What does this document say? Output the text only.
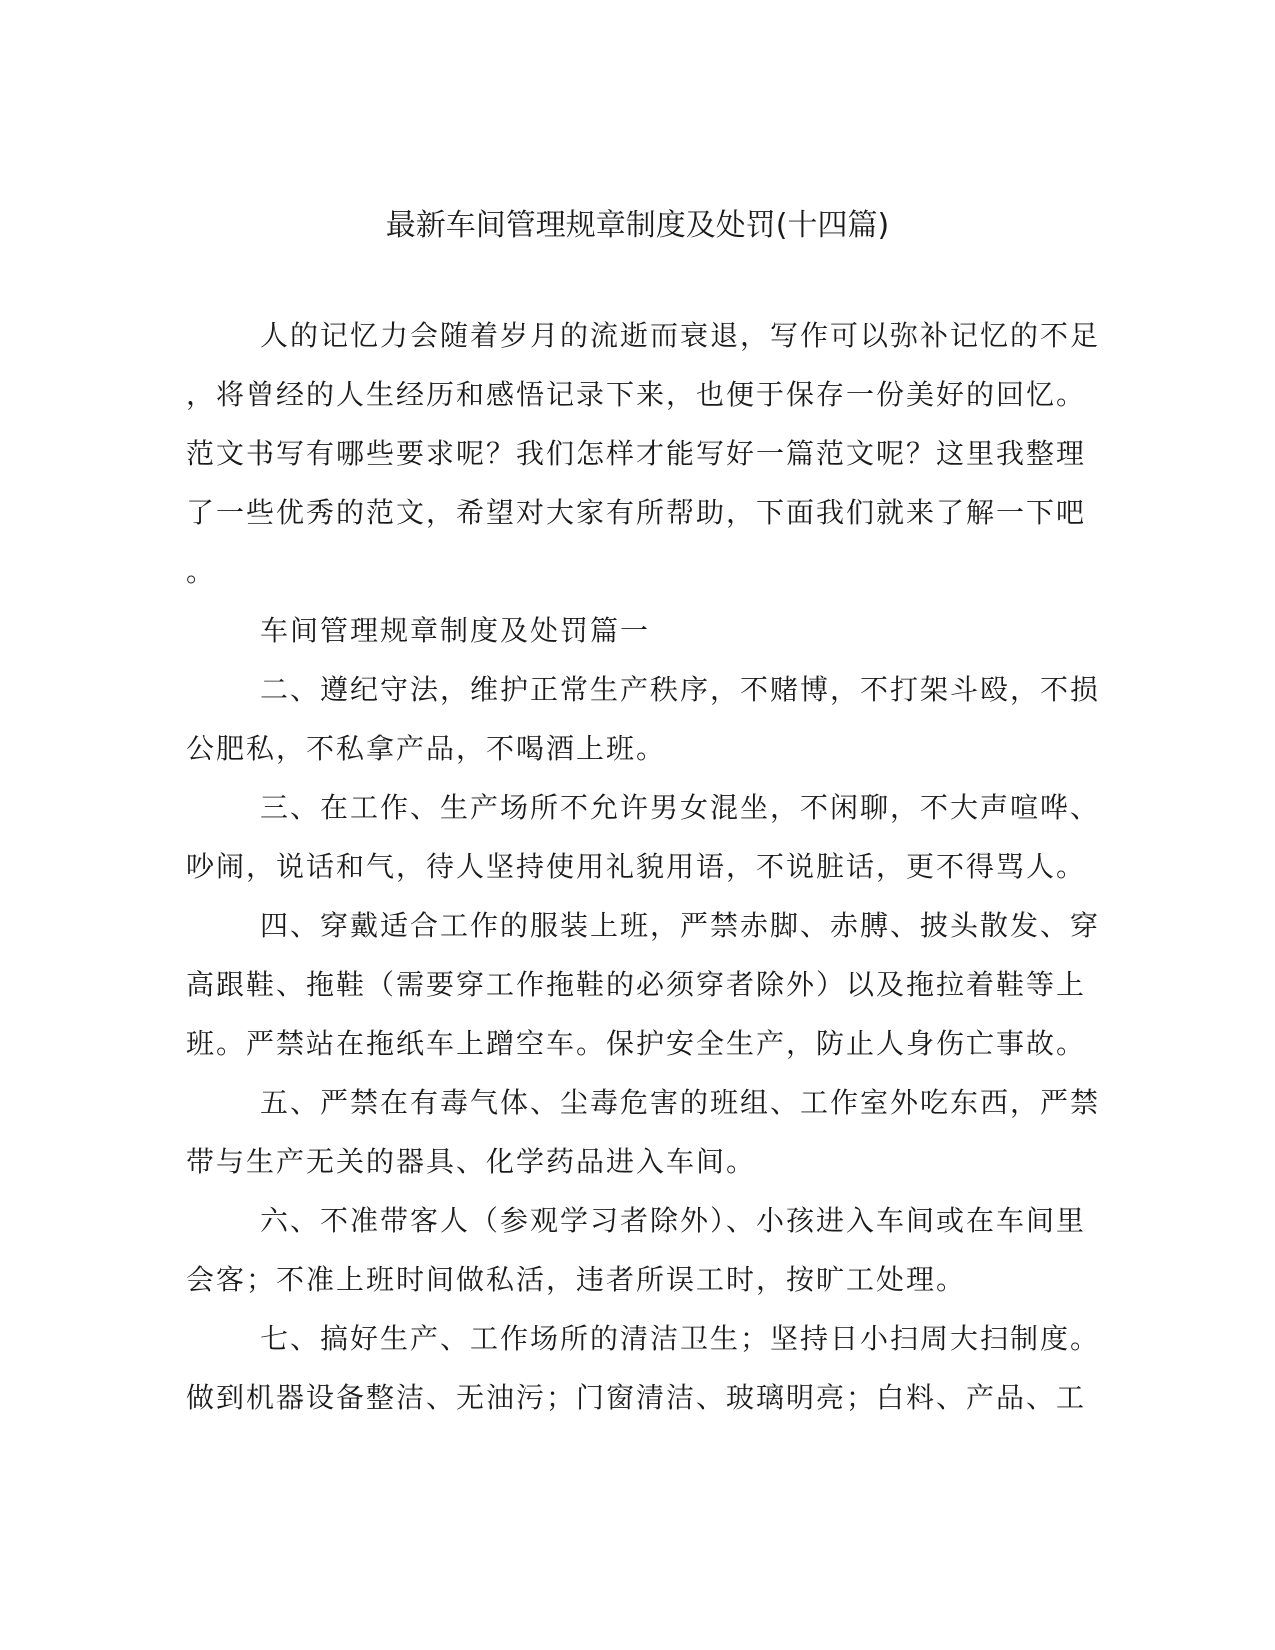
最新车间管理规章制度及处罚(十四篇)

人的记忆力会随着岁月的流逝而衰退，写作可以弥补记忆的不足

，将曾经的人生经历和感悟记录下来，也便于保存一份美好的回忆。

范文书写有哪些要求呢？我们怎样才能写好一篇范文呢？这里我整理

了一些优秀的范文，希望对大家有所帮助，下面我们就来了解一下吧

。

车间管理规章制度及处罚篇一

二、遵纪守法，维护正常生产秩序，不赌博，不打架斗殴，不损

公肥私，不私拿产品，不喝酒上班。

三、在工作、生产场所不允许男女混坐，不闲聊，不大声喧哗、

吵闹，说话和气，待人坚持使用礼貌用语，不说脏话，更不得骂人。

四、穿戴适合工作的服装上班，严禁赤脚、赤膊、披头散发、穿

高跟鞋、拖鞋（需要穿工作拖鞋的必须穿者除外）以及拖拉着鞋等上

班。严禁站在拖纸车上蹭空车。保护安全生产，防止人身伤亡事故。

五、严禁在有毒气体、尘毒危害的班组、工作室外吃东西，严禁

带与生产无关的器具、化学药品进入车间。

六、不准带客人（参观学习者除外）、小孩进入车间或在车间里

会客；不准上班时间做私活，违者所误工时，按旷工处理。

七、搞好生产、工作场所的清洁卫生；坚持日小扫周大扫制度。

做到机器设备整洁、无油污；门窗清洁、玻璃明亮；白料、产品、工
